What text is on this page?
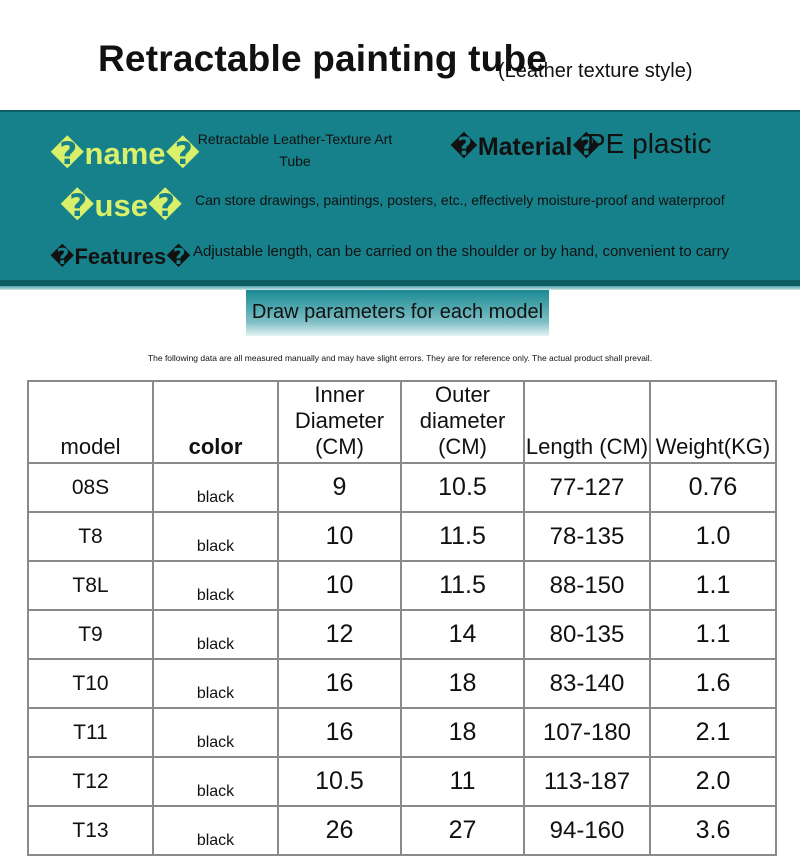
Retractable painting tube
(Leather texture style)
�name�
Retractable Leather-Texture Art Tube	�Material�
PE plastic
�use� Can store drawings, paintings, posters, etc., effectively moisture-proof and waterproof
�Features� Adjustable length, can be carried on the shoulder or by hand, convenient to carry
Draw parameters for each model
The following data are all measured manually and may have slight errors. They are for reference only. The actual product shall prevail.
model	color	Inner Diameter (CM)	Outer diameter (CM)	Length (CM)	Weight(KG)
08S	black	9	10.5	77-127	0.76
T8	black	10	11.5	78-135	1.0
T8L	black	10	11.5	88-150	1.1
T9	black	12	14	80-135	1.1
T10	black	16	18	83-140	1.6
T11	black	16	18	107-180	2.1
T12	black	10.5	11	113-187	2.0
T13	black	26	27	94-160	3.6
